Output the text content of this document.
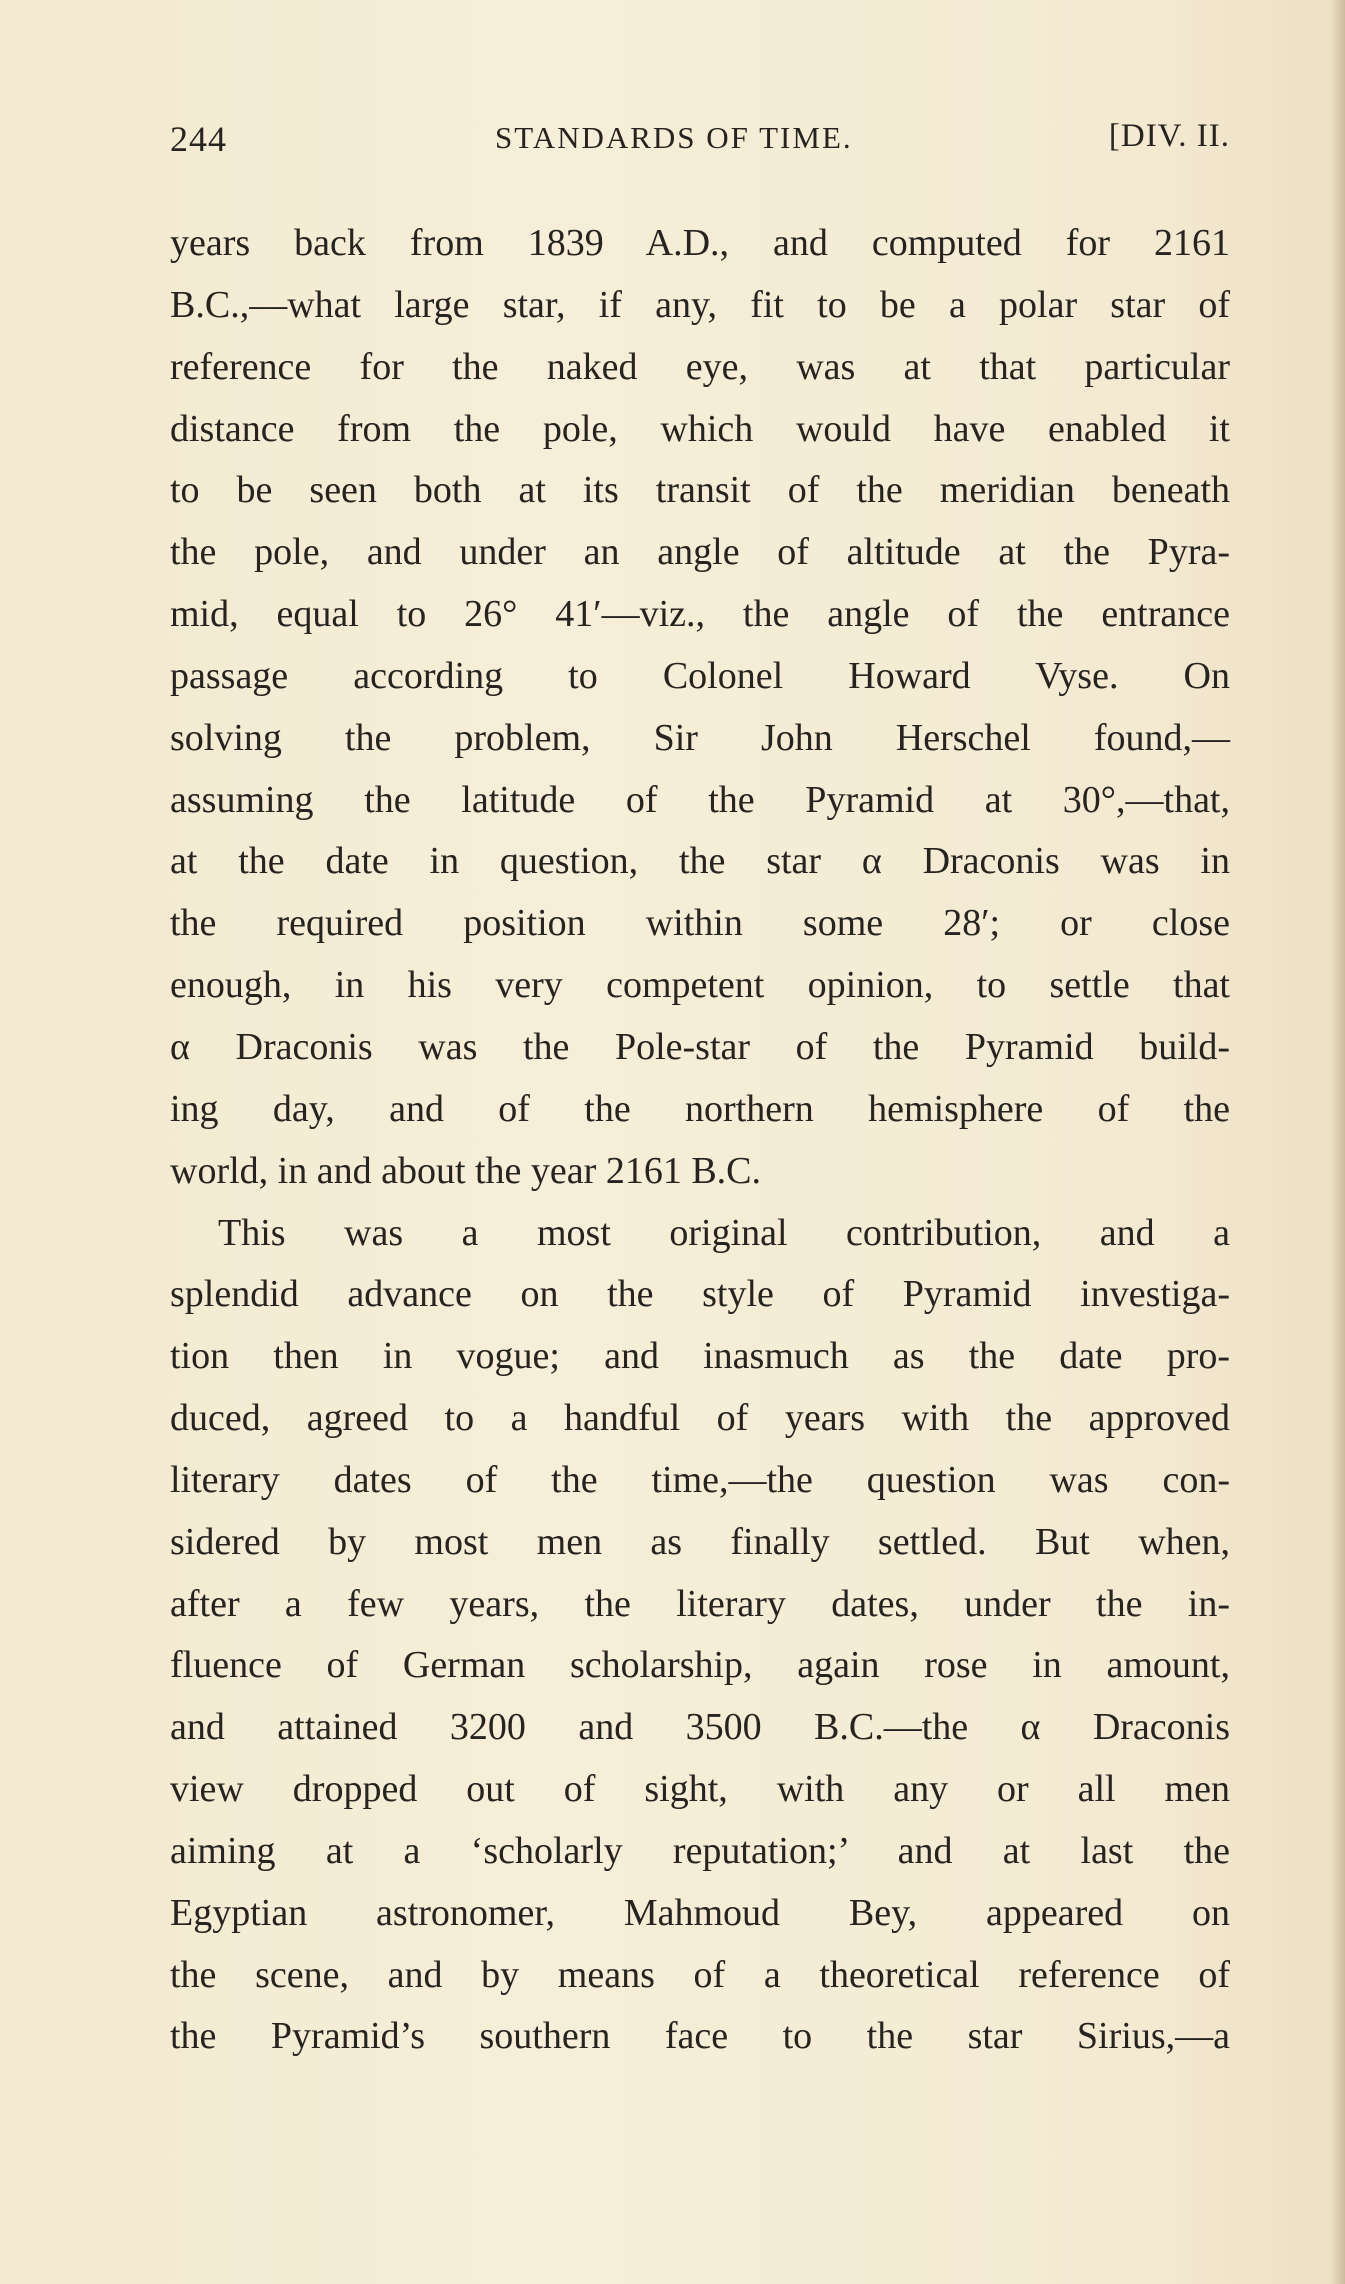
244	STANDARDS OF TIME.	[DIV. II.
years back from 1839 A.D., and computed for 2161
B.C.,—what large star, if any, fit to be a polar star of
reference for the naked eye, was at that particular
distance from the pole, which would have enabled it
to be seen both at its transit of the meridian beneath
the pole, and under an angle of altitude at the Pyra-
mid, equal to 26° 41′—viz., the angle of the entrance
passage according to Colonel Howard Vyse. On
solving the problem, Sir John Herschel found,—
assuming the latitude of the Pyramid at 30°,—that,
at the date in question, the star α Draconis was in
the required position within some 28′; or close
enough, in his very competent opinion, to settle that
α Draconis was the Pole-star of the Pyramid build-
ing day, and of the northern hemisphere of the
world, in and about the year 2161 B.C.
This was a most original contribution, and a
splendid advance on the style of Pyramid investiga-
tion then in vogue; and inasmuch as the date pro-
duced, agreed to a handful of years with the approved
literary dates of the time,—the question was con-
sidered by most men as finally settled. But when,
after a few years, the literary dates, under the in-
fluence of German scholarship, again rose in amount,
and attained 3200 and 3500 B.C.—the α Draconis
view dropped out of sight, with any or all men
aiming at a ‘scholarly reputation;’ and at last the
Egyptian astronomer, Mahmoud Bey, appeared on
the scene, and by means of a theoretical reference of
the Pyramid’s southern face to the star Sirius,—a
